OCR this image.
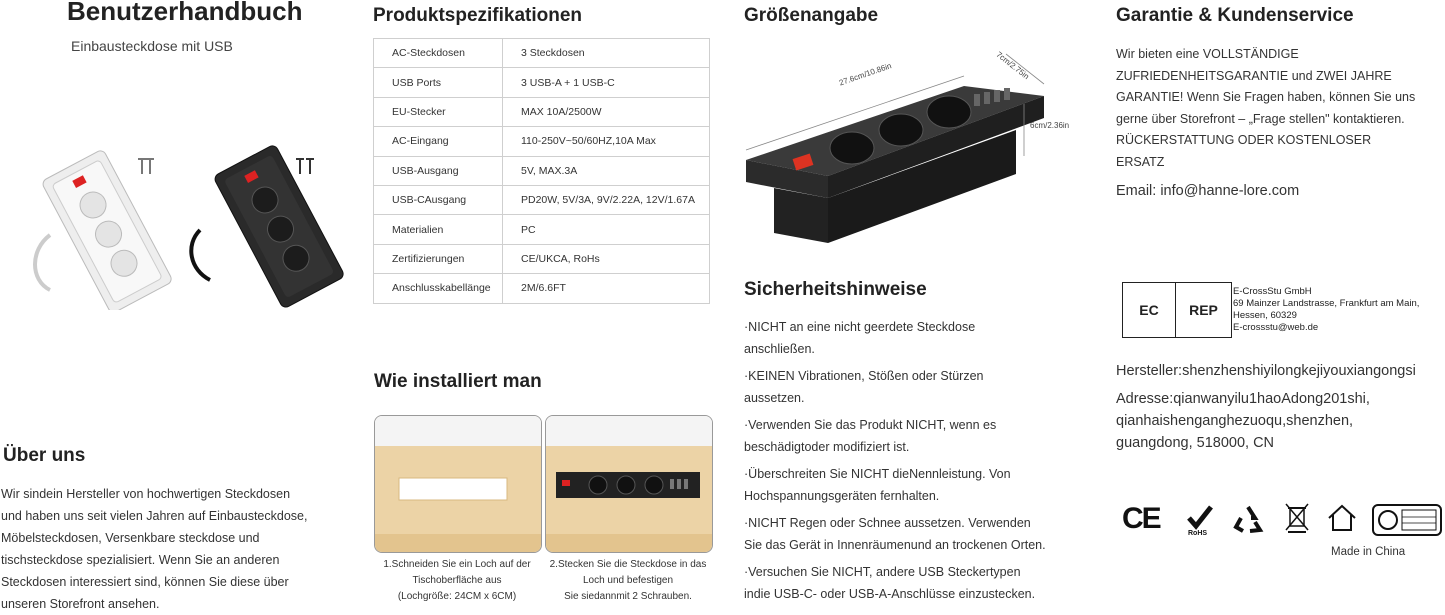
Benutzerhandbuch
Einbausteckdose mit USB
Über uns
Wir sindein Hersteller von hochwertigen Steckdosen
und haben uns seit vielen Jahren auf Einbausteckdose,
Möbelsteckdosen, Versenkbare steckdose und
tischsteckdose spezialisiert. Wenn Sie an anderen
Steckdosen interessiert sind, können Sie diese über
unseren Storefront ansehen.
Produktspezifikationen
AC-Steckdosen	3 Steckdosen
USB Ports	3 USB-A + 1 USB-C
EU-Stecker	MAX 10A/2500W
AC-Eingang	110-250V~50/60HZ,10A Max
USB-Ausgang	5V, MAX.3A
USB-CAusgang	PD20W, 5V/3A, 9V/2.22A, 12V/1.67A
Materialien	PC
Zertifizierungen	CE/UKCA, RoHs
Anschlusskabellänge	2M/6.6FT
Wie installiert man
1.Schneiden Sie ein Loch auf der
Tischoberfläche aus
(Lochgröße: 24CM x 6CM)
2.Stecken Sie die Steckdose in das
Loch und befestigen
Sie siedannmit 2 Schrauben.
Größenangabe
27.6cm/10.86in	7cm/2.75in
6cm/2.36in
Sicherheitshinweise

·NICHT an eine nicht geerdete Steckdose
anschließen.

·KEINEN Vibrationen, Stößen oder Stürzen
aussetzen.

·Verwenden Sie das Produkt NICHT, wenn es
beschädigtoder modifiziert ist.

·Überschreiten Sie NICHT dieNennleistung. Von
Hochspannungsgeräten fernhalten.

·NICHT Regen oder Schnee aussetzen. Verwenden
Sie das Gerät in Innenräumenund an trockenen Orten.

·Versuchen Sie NICHT, andere USB Steckertypen
indie USB-C- oder USB-A-Anschlüsse einzustecken.

Garantie & Kundenservice
Wir bieten eine VOLLSTÄNDIGE
ZUFRIEDENHEITSGARANTIE und ZWEI JAHRE
GARANTIE! Wenn Sie Fragen haben, können Sie uns
gerne über Storefront – „Frage stellen" kontaktieren.
RÜCKERSTATTUNG ODER KOSTENLOSER
ERSATZ
Email: info@hanne-lore.com
EC	REP
E-CrossStu GmbH
69 Mainzer Landstrasse, Frankfurt am Main,
Hessen, 60329
E-crossstu@web.de
Hersteller:shenzhenshiyilongkejiyouxiangongsi
Adresse:qianwanyilu1haoAdong201shi,
qianhaishenganghezuoqu,shenzhen,
guangdong, 518000, CN
CE	RoHS
Made in China
